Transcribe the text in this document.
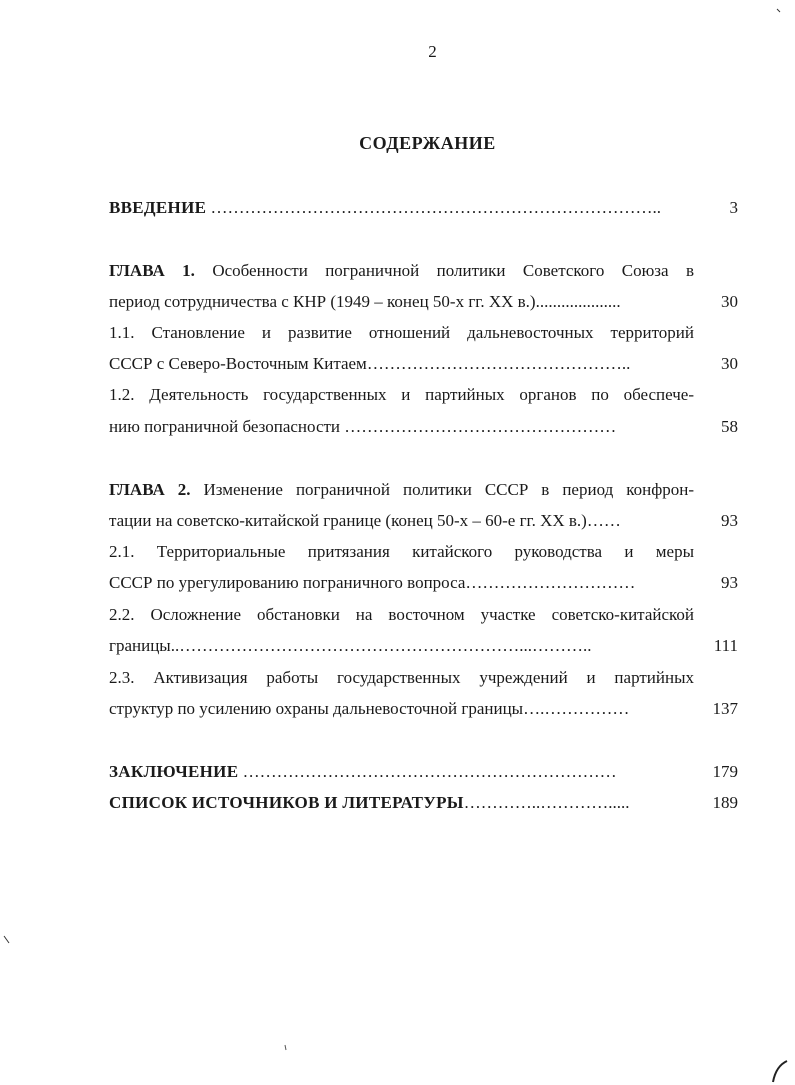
2
СОДЕРЖАНИЕ
ВВЕДЕНИЕ ……………………………………………………………………..	3
ГЛАВА 1. Особенности пограничной политики Советского Союза в
период сотрудничества с КНР (1949 – конец 50-х гг. XX в.)....................	30
1.1. Становление и развитие отношений дальневосточных территорий
СССР с Северо-Восточным Китаем………………………………………..	30
1.2. Деятельность государственных и партийных органов по обеспече-
нию пограничной безопасности …………………………………………	58
ГЛАВА 2. Изменение пограничной политики СССР в период конфрон-
тации на советско-китайской границе (конец 50-х – 60-е гг. XX в.)……	93
2.1. Территориальные притязания китайского руководства и меры
СССР по урегулированию пограничного вопроса…………………………	93
2.2. Осложнение обстановки на восточном участке советско-китайской
границы..……………………………………………………...………..	111
2.3. Активизация работы государственных учреждений и партийных
структур по усилению охраны дальневосточной границы….……………	137
ЗАКЛЮЧЕНИЕ …………………………………………………………	179
СПИСОК ИСТОЧНИКОВ И ЛИТЕРАТУРЫ…………..………….....	189
